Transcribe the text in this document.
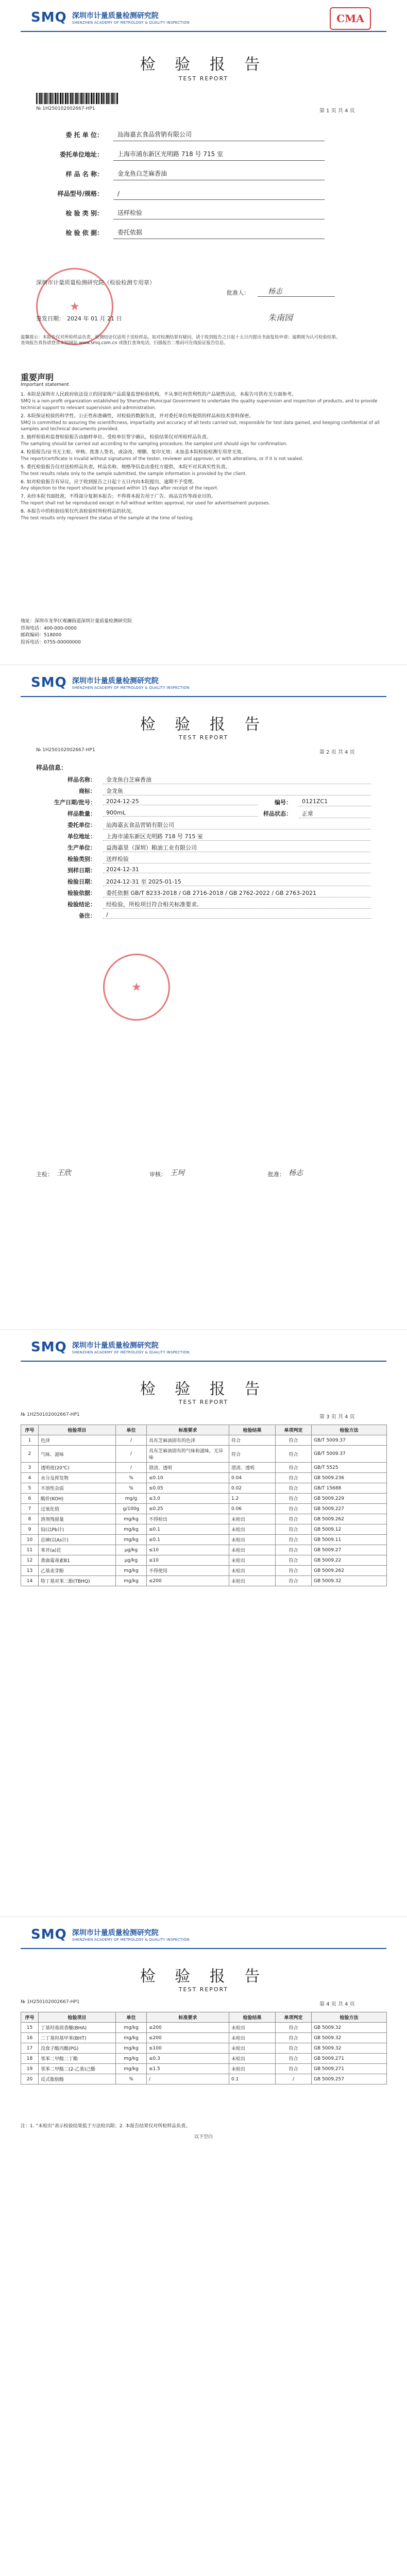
SMQ 深圳市计量质量检测研究院
SHENZHEN ACADEMY OF METROLOGY & QUALITY INSPECTION	CMA
检 验 报 告
TEST REPORT
№ 1H250102002667-HP1	第 1 页 共 4 页
委 托 单 位：	汕海嘉玄食品营销有限公司
委托单位地址：	上海市浦东新区光明路 718 号 715 室
样 品 名 称：	金龙鱼白芝麻香油
样品型号/规格：	/
检 验 类 别：	送样检验
检 验 依 据：	委托依据
★
深圳市计量质量检测研究院（检验检测专用章）
批准人：	杨志
签发日期： 2024 年 01 月 21 日	朱南园

温馨提示：本报告仅对所检样品负责，检测结论仅适用于送检样品。如对检测结果有疑问，请于收到报告之日起十五日内提出书面复检申请；逾期视为认可检验结果。

查询报告真伪请登录本院网站 www.smq.com.cn 或拨打查询电话，扫描报告二维码可在线验证报告信息。

重要声明
Important statement

1. 本院是深圳市人民政府依法设立的国家级产品质量监督检验机构，不从事任何营利性的产品销售活动，本报告可供有关方面参考。
SMQ is a non-profit organization established by Shenzhen Municipal Government to undertake the quality supervision and inspection of products, and to provide technical support to relevant supervision and administration.

2. 本院保证检验的科学性、公正性和准确性，对检验的数据负责，并对委托单位所提供的样品和技术资料保密。
SMQ is committed to assuring the scientificness, impartiality and accuracy of all tests carried out, responsible for test data gained, and keeping confidential of all samples and technical documents provided.

3. 抽样检验和监督检验报告由抽样单位、受检单位签字确认，检验结果仅对所检样品负责。
The sampling should be carried out according to the sampling procedure, the sampled unit should sign for confirmation.

4. 检验报告/证书无主检、审核、批准人签名，或涂改、增删、复印无效；未加盖本院检验检测专用章无效。
The report/certificate is invalid without signatures of the tester, reviewer and approver, or with alterations, or if it is not sealed.

5. 委托检验报告仅对送检样品负责，样品名称、规格等信息由委托方提供，本院不对其真实性负责。
The test results relate only to the sample submitted, the sample information is provided by the client.

6. 如对检验报告有异议，应于收到报告之日起十五日内向本院提出，逾期不予受理。
Any objection to the report should be proposed within 15 days after receipt of the report.

7. 未经本院书面批准，不得部分复制本报告；不得将本报告用于广告、商品宣传等商业目的。
The report shall not be reproduced except in full without written approval, nor used for advertisement purposes.

8. 本报告中的检验结果仅代表检验时所检样品的状况。
The test results only represent the status of the sample at the time of testing.

地址：深圳市龙华区观澜街道深圳计量质量检测研究院
咨询电话：400-000-0000
邮政编码：518000
投诉电话：0755-00000000
SMQ 深圳市计量质量检测研究院
SHENZHEN ACADEMY OF METROLOGY & QUALITY INSPECTION
检 验 报 告
TEST REPORT
№ 1H250102002667-HP1	第 2 页 共 4 页
样品信息：
样品名称：	金龙鱼白芝麻香油
商标：	金龙鱼
生产日期/批号：	2024-12-25	编号：	0121ZC1
样品数量：	900mL	样品状态：	正常
委托单位：	汕海嘉玄食品营销有限公司
单位地址：	上海市浦东新区光明路 718 号 715 室
生产单位：	益海嘉里（深圳）粮油工业有限公司
检验类别：	送样检验
到样日期：	2024-12-31
检验日期：	2024-12-31 至 2025-01-15
检验依据：	委托依据 GB/T 8233-2018 / GB 2716-2018 / GB 2762-2022 / GB 2763-2021
检验结论：	经检验，所检项目符合相关标准要求。
备注：	/
★
主检： 王欣	审核： 王珂	批准： 杨志
SMQ 深圳市计量质量检测研究院
SHENZHEN ACADEMY OF METROLOGY & QUALITY INSPECTION
检 验 报 告
TEST REPORT
№ 1H250102002667-HP1	第 3 页 共 4 页
序号	检验项目	单位	标准要求	检验结果	单项判定	检验方法
1	色泽	/	具有芝麻油固有的色泽	符合	符合	GB/T 5009.37
2	气味、滋味	/	具有芝麻油固有的气味和滋味，无异味	符合	符合	GB/T 5009.37
3	透明度(20℃)	/	澄清、透明	澄清、透明	符合	GB/T 5525
4	水分及挥发物	%	≤0.10	0.04	符合	GB 5009.236
5	不溶性杂质	%	≤0.05	0.02	符合	GB/T 15688
6	酸价(KOH)	mg/g	≤3.0	1.2	符合	GB 5009.229
7	过氧化值	g/100g	≤0.25	0.06	符合	GB 5009.227
8	溶剂残留量	mg/kg	不得检出	未检出	符合	GB 5009.262
9	铅(以Pb计)	mg/kg	≤0.1	未检出	符合	GB 5009.12
10	总砷(以As计)	mg/kg	≤0.1	未检出	符合	GB 5009.11
11	苯并(a)芘	μg/kg	≤10	未检出	符合	GB 5009.27
12	黄曲霉毒素B1	μg/kg	≤10	未检出	符合	GB 5009.22
13	乙基麦芽酚	mg/kg	不得使用	未检出	符合	GB 5009.262
14	特丁基对苯二酚(TBHQ)	mg/kg	≤200	未检出	符合	GB 5009.32
SMQ 深圳市计量质量检测研究院
SHENZHEN ACADEMY OF METROLOGY & QUALITY INSPECTION
检 验 报 告
TEST REPORT
№ 1H250102002667-HP1	第 4 页 共 4 页
序号	检验项目	单位	标准要求	检验结果	单项判定	检验方法
15	丁基羟基茴香醚(BHA)	mg/kg	≤200	未检出	符合	GB 5009.32
16	二丁基羟基甲苯(BHT)	mg/kg	≤200	未检出	符合	GB 5009.32
17	没食子酸丙酯(PG)	mg/kg	≤100	未检出	符合	GB 5009.32
18	邻苯二甲酸二丁酯	mg/kg	≤0.3	未检出	符合	GB 5009.271
19	邻苯二甲酸二(2-乙基)己酯	mg/kg	≤1.5	未检出	符合	GB 5009.271
20	反式脂肪酸	%	/	0.1	/	GB 5009.257

注：1. “未检出”表示检验结果低于方法检出限；2. 本报告结果仅对所检样品负责。

以下空白
